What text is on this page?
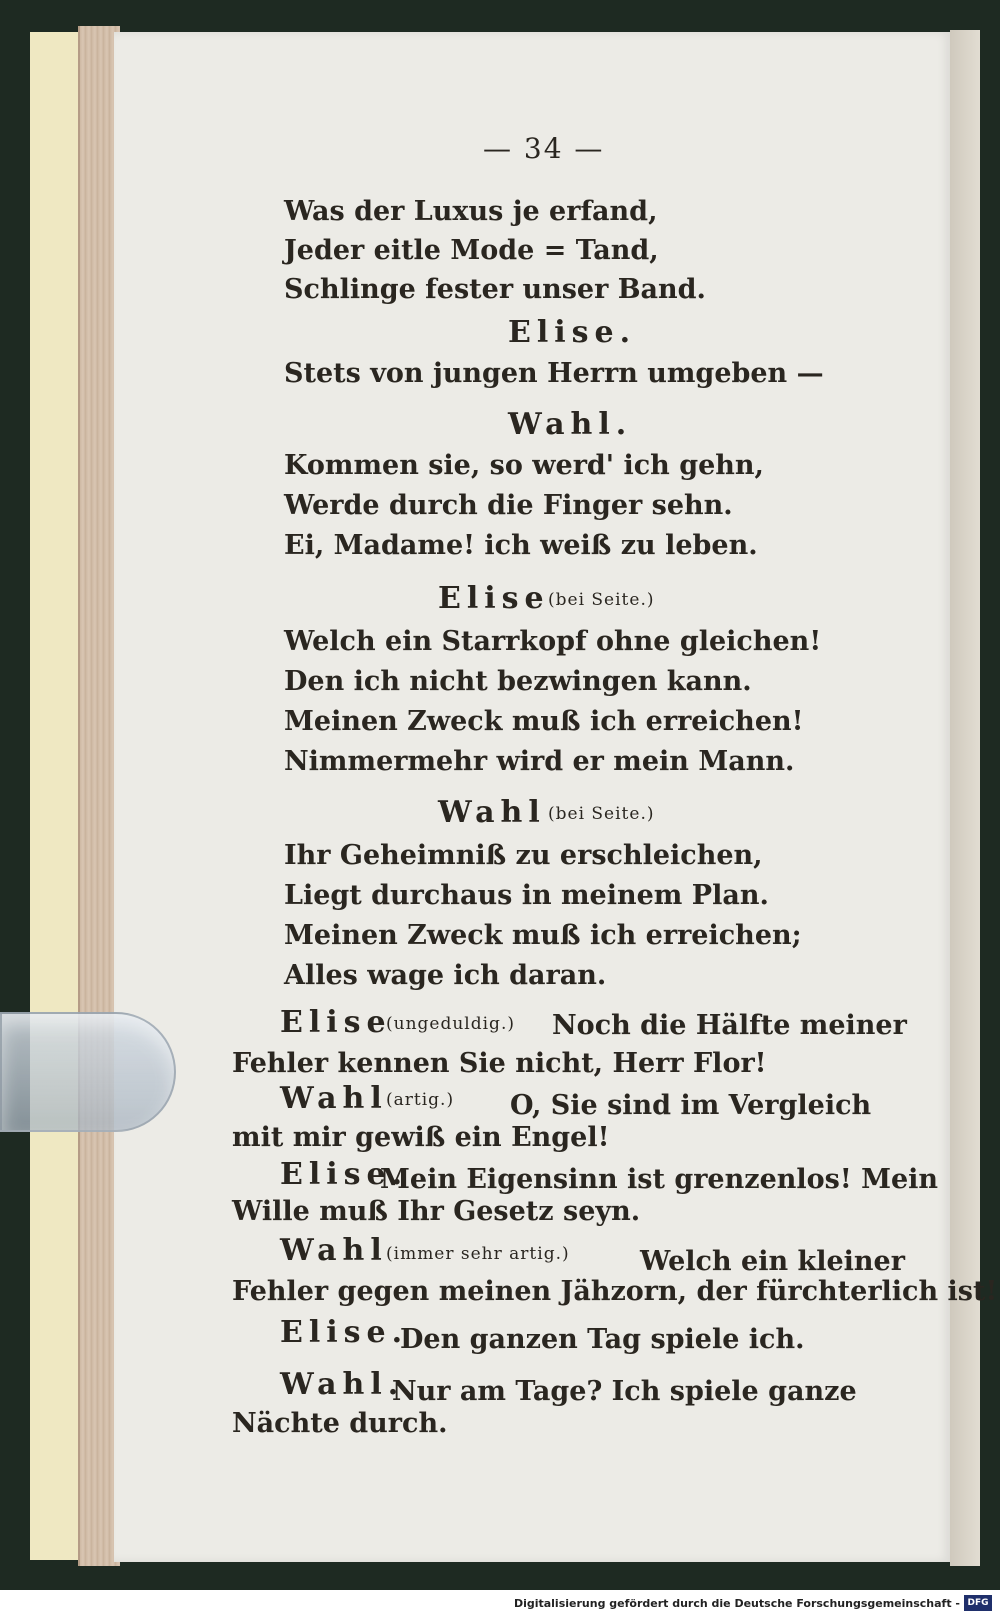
— 34 —
Was der Luxus je erfand,
Jeder eitle Mode = Tand,
Schlinge fester unser Band.
Elise.
Stets von jungen Herrn umgeben —
Wahl.
Kommen sie, so werd' ich gehn,
Werde durch die Finger sehn.
Ei, Madame! ich weiß zu leben.
Elise
(bei Seite.)
Welch ein Starrkopf ohne gleichen!
Den ich nicht bezwingen kann.
Meinen Zweck muß ich erreichen!
Nimmermehr wird er mein Mann.
Wahl (bei Seite.)
Ihr Geheimniß zu erschleichen,
Liegt durchaus in meinem Plan.
Meinen Zweck muß ich erreichen;
Alles wage ich daran.
Elise
(ungeduldig.) Noch die Hälfte meiner
Fehler kennen Sie nicht, Herr Flor!
Wahl
(artig.) O, Sie sind im Vergleich
mit mir gewiß ein Engel!
Elise.
Mein Eigensinn ist grenzenlos! Mein
Wille muß Ihr Gesetz seyn.
Wahl
(immer sehr artig.)	Welch ein kleiner
Fehler gegen meinen Jähzorn, der fürchterlich ist!
Elise.
Den ganzen Tag spiele ich.
Wahl.
Nur am Tage? Ich spiele ganze
Nächte durch.
Digitalisierung gefördert durch die Deutsche Forschungsgemeinschaft - DFG
